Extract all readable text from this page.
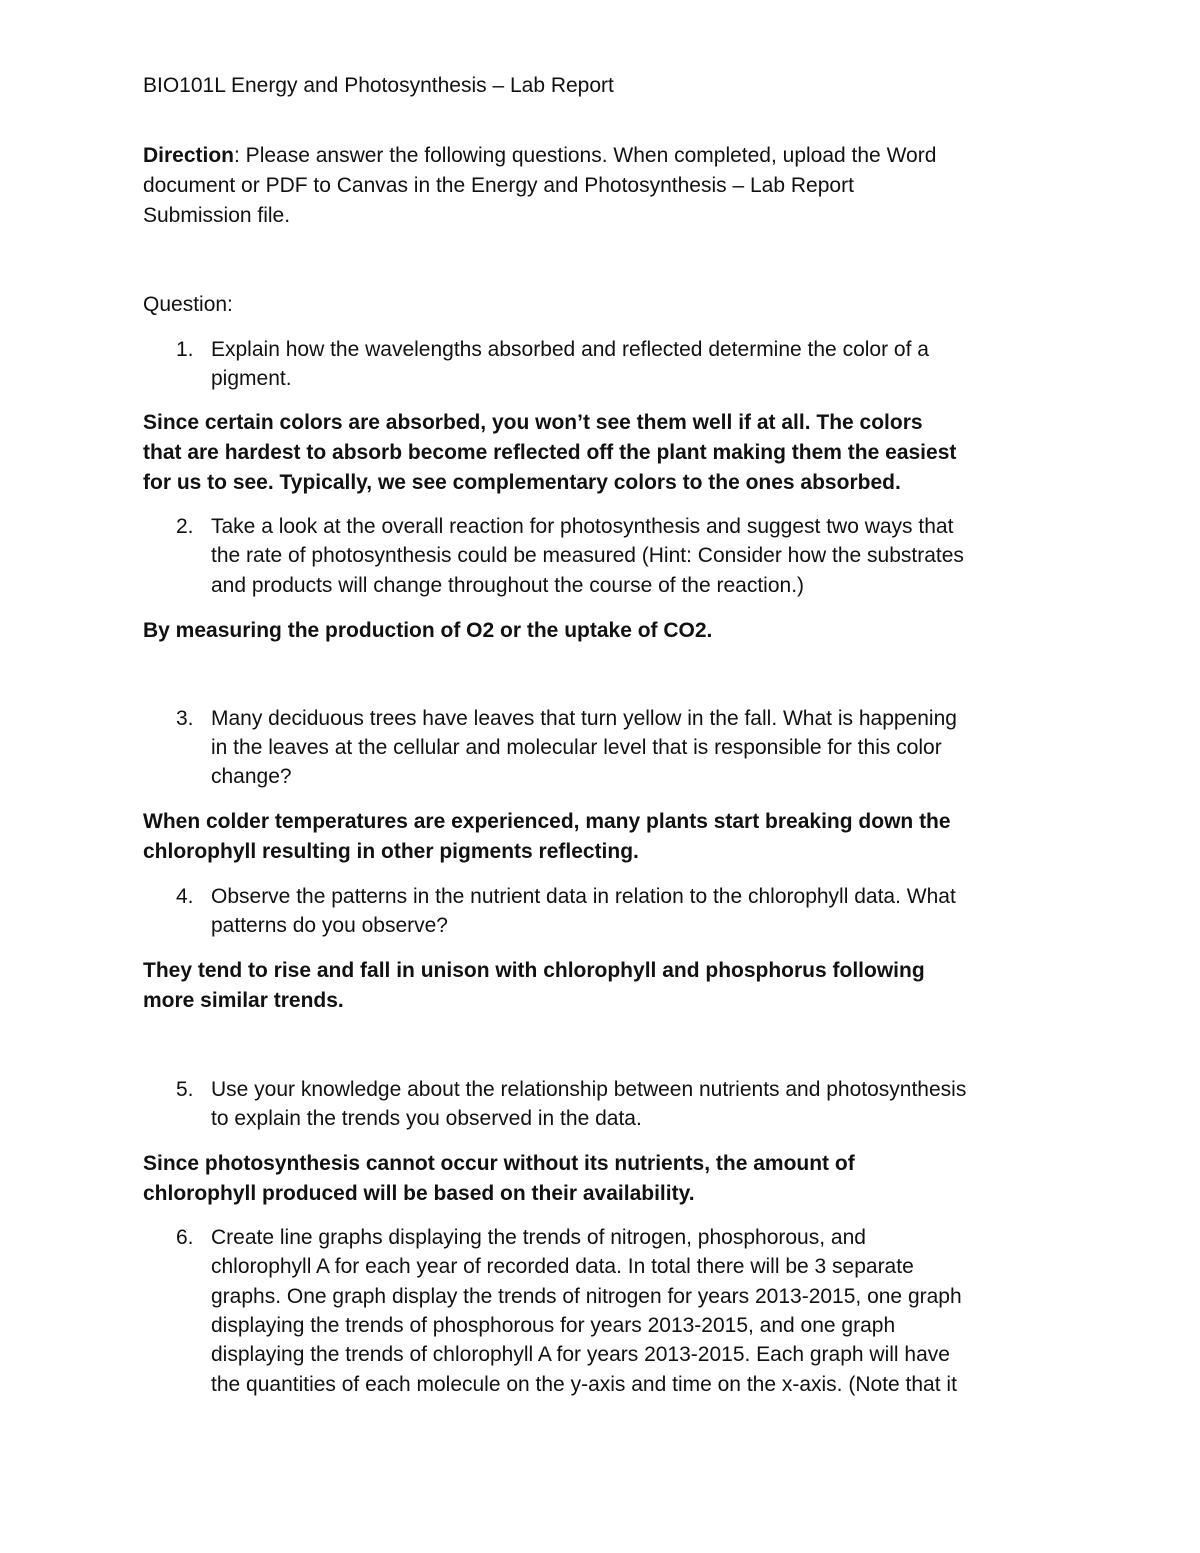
BIO101L Energy and Photosynthesis – Lab Report

Direction: Please answer the following questions. When completed, upload the Word

document or PDF to Canvas in the Energy and Photosynthesis – Lab Report

Submission file.

Question:

1. Explain how the wavelengths absorbed and reflected determine the color of a

pigment.

Since certain colors are absorbed, you won’t see them well if at all. The colors

that are hardest to absorb become reflected off the plant making them the easiest

for us to see. Typically, we see complementary colors to the ones absorbed.

2. Take a look at the overall reaction for photosynthesis and suggest two ways that

the rate of photosynthesis could be measured (Hint: Consider how the substrates

and products will change throughout the course of the reaction.)

By measuring the production of O2 or the uptake of CO2.

3. Many deciduous trees have leaves that turn yellow in the fall. What is happening

in the leaves at the cellular and molecular level that is responsible for this color

change?

When colder temperatures are experienced, many plants start breaking down the

chlorophyll resulting in other pigments reflecting.

4. Observe the patterns in the nutrient data in relation to the chlorophyll data. What

patterns do you observe?

They tend to rise and fall in unison with chlorophyll and phosphorus following

more similar trends.

5. Use your knowledge about the relationship between nutrients and photosynthesis

to explain the trends you observed in the data.

Since photosynthesis cannot occur without its nutrients, the amount of

chlorophyll produced will be based on their availability.

6. Create line graphs displaying the trends of nitrogen, phosphorous, and

chlorophyll A for each year of recorded data. In total there will be 3 separate

graphs. One graph display the trends of nitrogen for years 2013-2015, one graph

displaying the trends of phosphorous for years 2013-2015, and one graph

displaying the trends of chlorophyll A for years 2013-2015. Each graph will have

the quantities of each molecule on the y-axis and time on the x-axis. (Note that it
